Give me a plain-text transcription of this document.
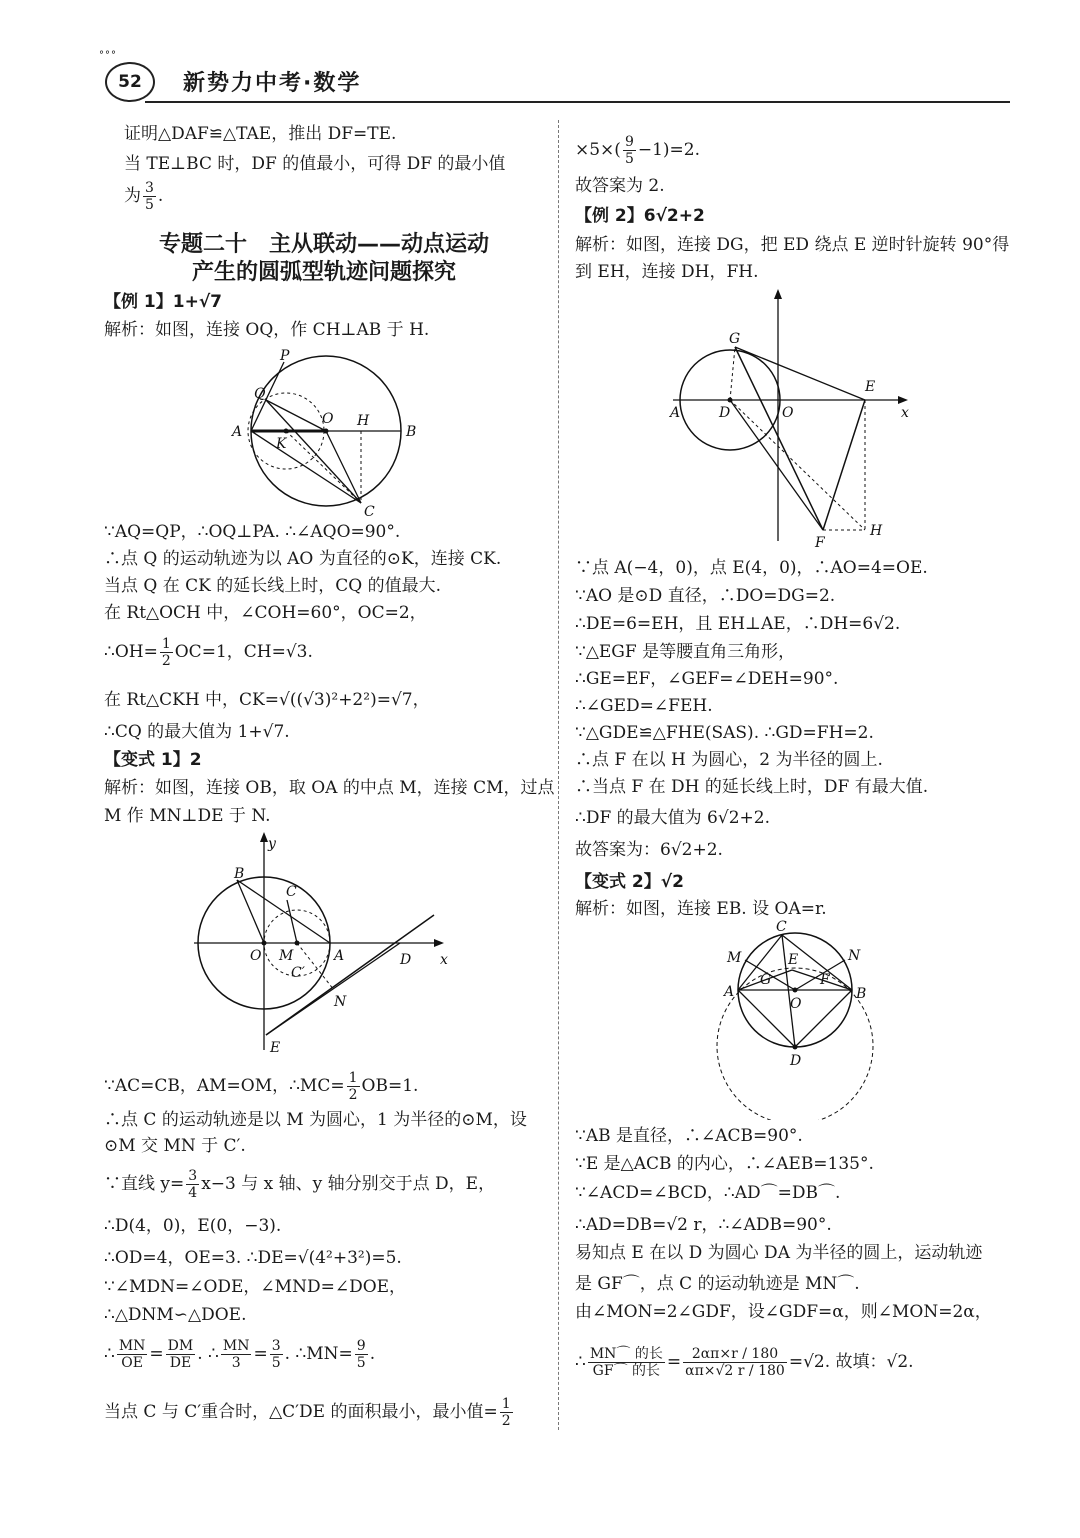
°°°
52	新势力中考·数学
证明△DAF≌△TAE，推出 DF=TE.
当 TE⊥BC 时，DF 的值最小，可得 DF 的最小值
为 $\frac{3}{5}$ .
专题二十　主从联动——动点运动
产生的圆弧型轨迹问题探究
【例 1】1+√7
解析：如图，连接 OQ，作 CH⊥AB 于 H.
P
Q
A
K
O H
B
C
∵AQ=QP，∴OQ⊥PA. ∴∠AQO=90°.
∴点 Q 的运动轨迹为以 AO 为直径的⊙K，连接 CK.
当点 Q 在 CK 的延长线上时，CQ 的值最大.
在 Rt△OCH 中，∠COH=60°，OC=2，
∴OH= $\frac{1}{2} OC=1$，CH=√3.
在 Rt△CKH 中，CK=√((√3)²+2²)=√7，
∴CQ 的最大值为 1+√7.
【变式 1】2
解析：如图，连接 OB，取 OA 的中点 M，连接 CM，过点
M 作 MN⊥DE 于 N.
y
B
C
O M	A	D x
C′
N
E
∵AC=CB，AM=OM，∴MC= $\frac{1}{2} OB=1$.
∴点 C 的运动轨迹是以 M 为圆心，1 为半径的⊙M，设
⊙M 交 MN 于 C′.
∵直线 $y= \frac{3}{4} x-3$ 与 x 轴、y 轴分别交于点 D，E，
∴D(4，0)，E(0，−3).
∴OD=4，OE=3. ∴DE=√(4²+3²)=5.
∵∠MDN=∠ODE，∠MND=∠DOE，
∴△DNM∽△DOE.
∴ $\frac{MN}{OE} = \frac{DM}{DE}$ . ∴ $\frac{MN}{3} = \frac{3}{5}$ . ∴MN= $\frac{9}{5}$ .
当点 C 与 C′重合时，△C′DE 的面积最小，最小值= $\frac{1}{2}$
$\times 5\times( \frac{9}{5} -1)=2$.
故答案为 2.
【例 2】6√2+2
解析：如图，连接 DG，把 ED 绕点 E 逆时针旋转 90°得
到 EH，连接 DH，FH.
G
E
A	D	O	x
F
H
∵点 A(−4，0)，点 E(4，0)，∴AO=4=OE.
∵AO 是⊙D 直径，∴DO=DG=2.
∴DE=6=EH，且 EH⊥AE，∴DH=6√2.
∵△EGF 是等腰直角三角形，
∴GE=EF，∠GEF=∠DEH=90°.
∴∠GED=∠FEH.
∵△GDE≌△FHE(SAS). ∴GD=FH=2.
∴点 F 在以 H 为圆心，2 为半径的圆上.
∴当点 F 在 DH 的延长线上时，DF 有最大值.
∴DF 的最大值为 6√2+2.
故答案为：6√2+2.
【变式 2】√2
解析：如图，连接 EB. 设 OA=r.
C
M	E	N
A
G	F
O
B
D
∵AB 是直径，∴∠ACB=90°.
∵E 是△ACB 的内心，∴∠AEB=135°.
∵∠ACD=∠BCD，∴AD⌒=DB⌒.
∴AD=DB=√2 r，∴∠ADB=90°.
易知点 E 在以 D 为圆心 DA 为半径的圆上，运动轨迹
是 GF⌒，点 C 的运动轨迹是 MN⌒.
由∠MON=2∠GDF，设∠GDF=α，则∠MON=2α，
∴ $\frac{\text{MN⌒ 的长}}{\text{GF⌒ 的长}} = \frac{2\alpha\pi\times r / 180}{\alpha\pi\times√2 r / 180} =√2$. 故填：√2.
